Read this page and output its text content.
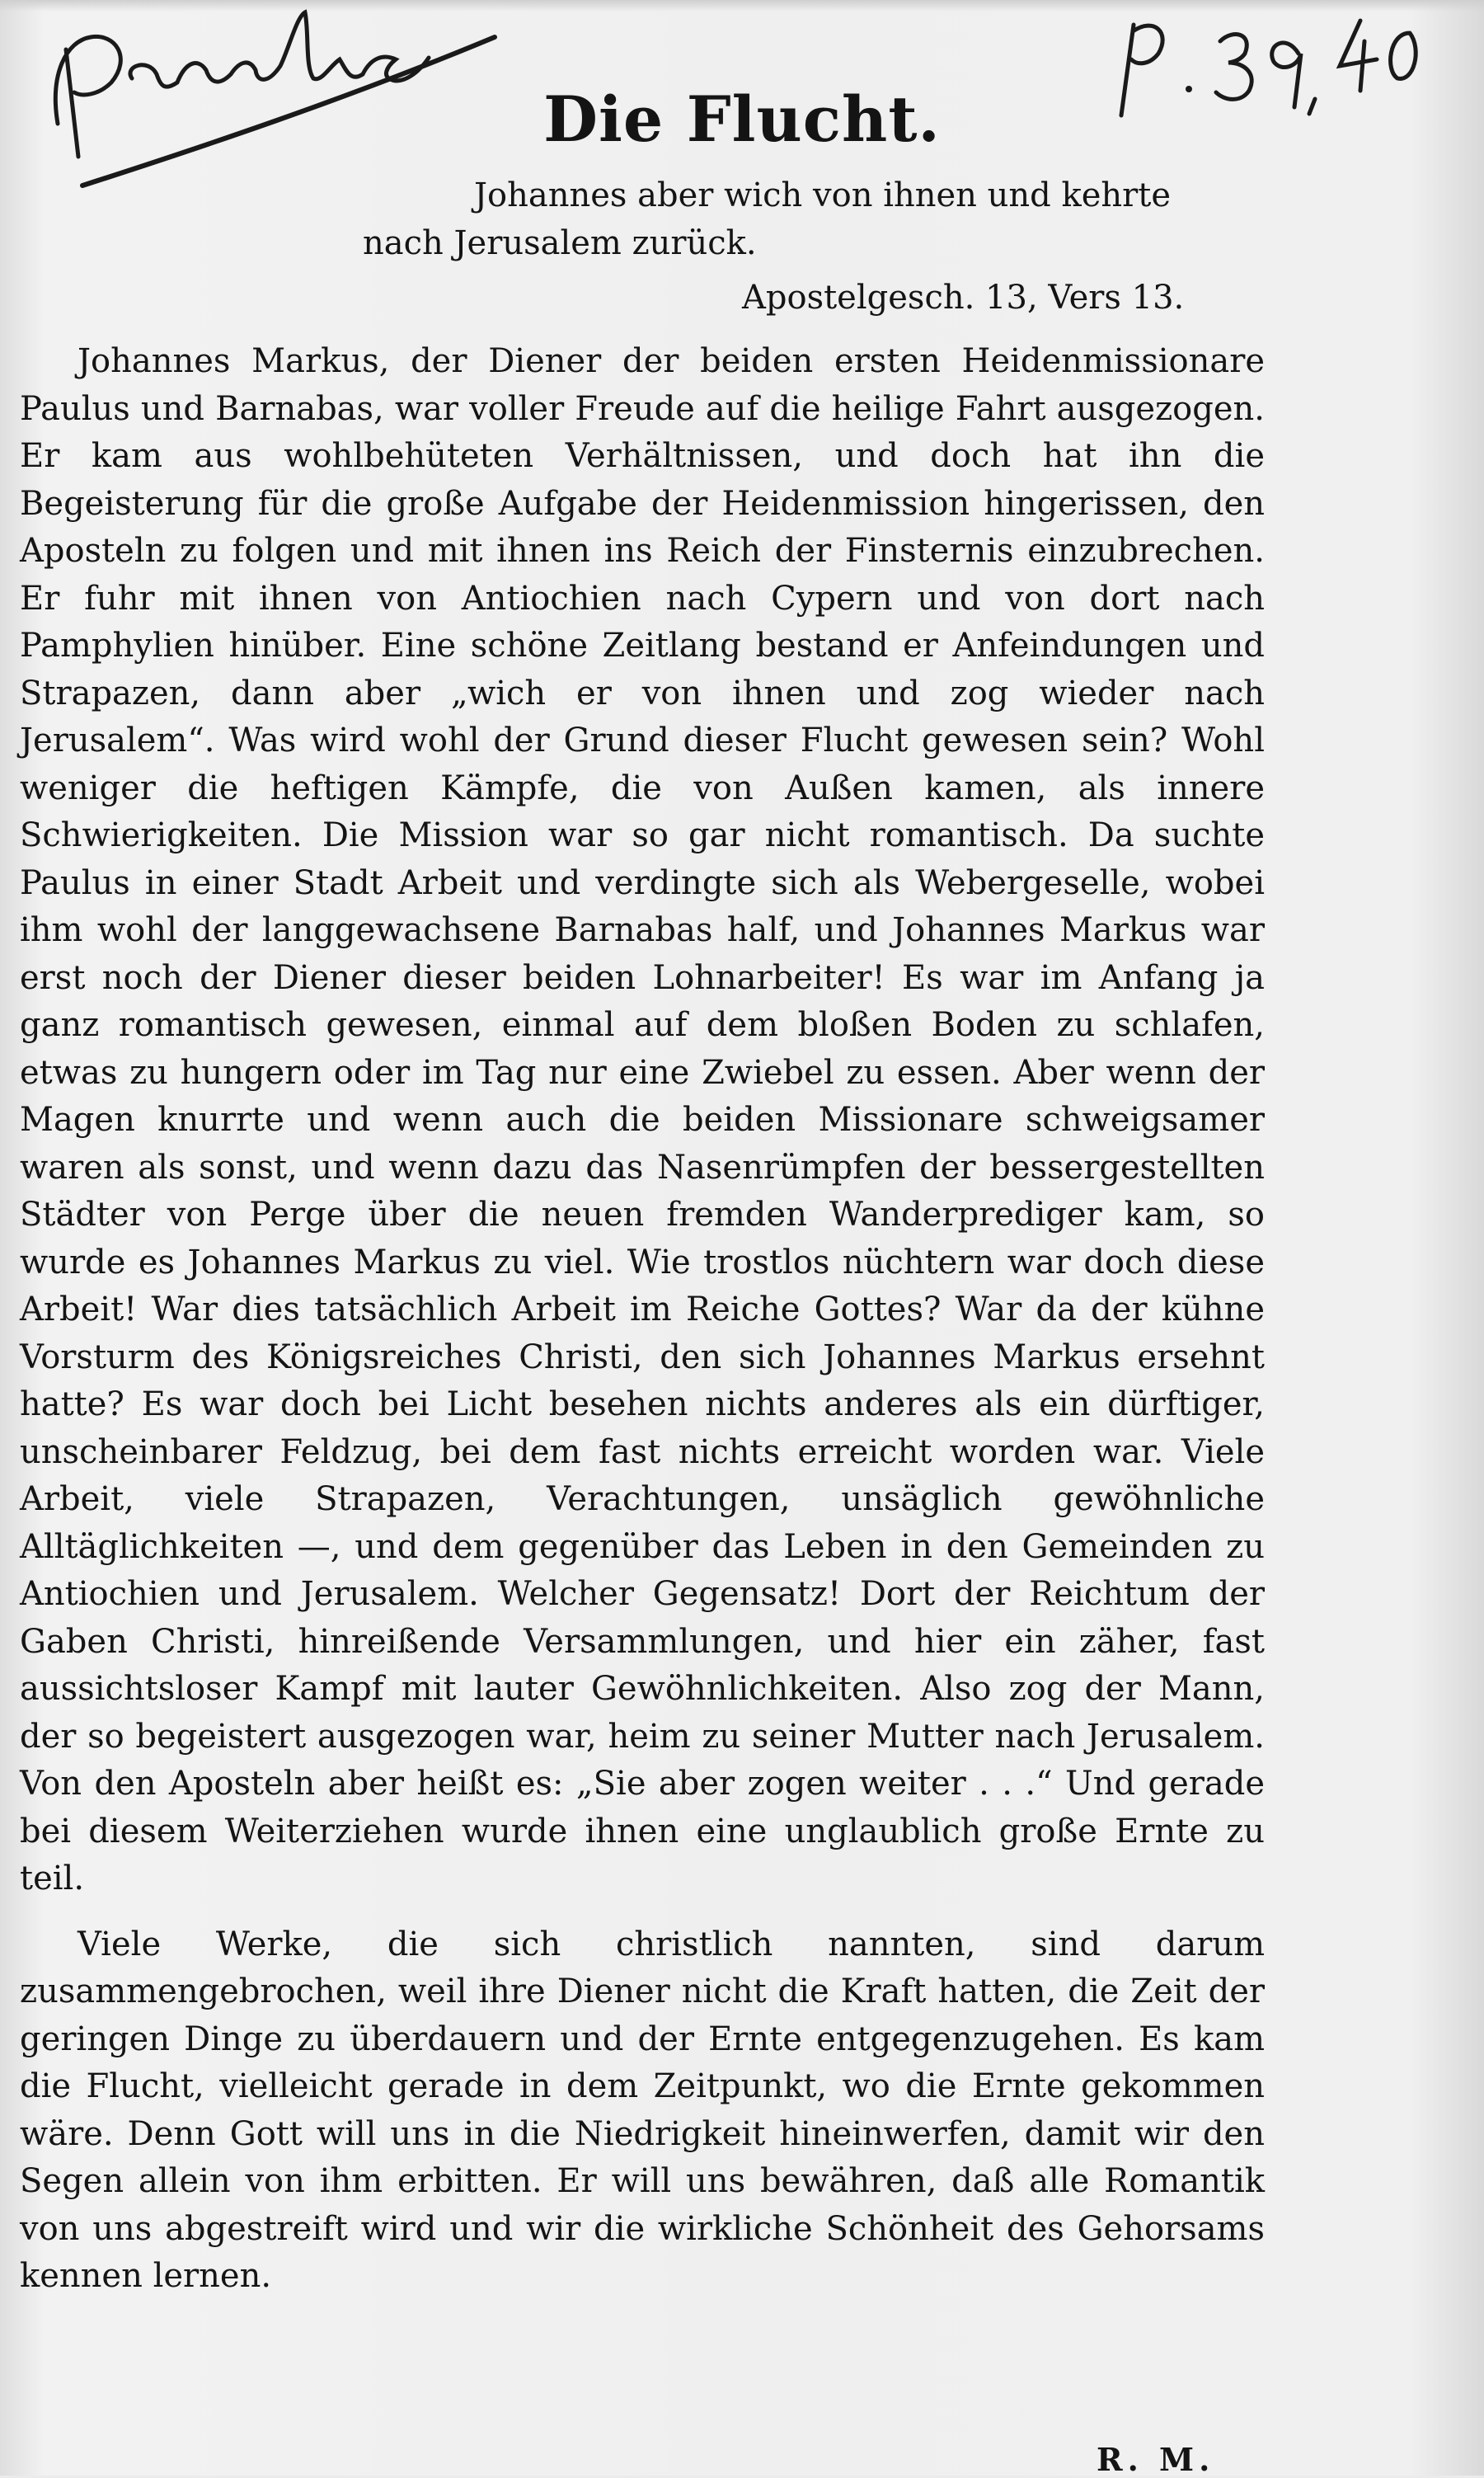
Die Flucht.
Johannes aber wich von ihnen und kehrte
nach Jerusalem zurück.
Apostelgesch. 13, Vers 13.

Johannes Markus, der Diener der beiden ersten Heidenmissionare Paulus und Barnabas, war voller Freude auf die heilige Fahrt ausgezogen. Er kam aus wohlbehüteten Verhältnissen, und doch hat ihn die Begeisterung für die große Aufgabe der Heidenmission hingerissen, den Aposteln zu folgen und mit ihnen ins Reich der Finsternis einzubrechen. Er fuhr mit ihnen von Antiochien nach Cypern und von dort nach Pamphylien hinüber. Eine schöne Zeitlang bestand er Anfeindungen und Strapazen, dann aber „wich er von ihnen und zog wieder nach Jerusalem“. Was wird wohl der Grund dieser Flucht gewesen sein? Wohl weniger die heftigen Kämpfe, die von Außen kamen, als innere Schwierigkeiten. Die Mission war so gar nicht romantisch. Da suchte Paulus in einer Stadt Arbeit und verdingte sich als Webergeselle, wobei ihm wohl der langgewachsene Barnabas half, und Johannes Markus war erst noch der Diener dieser beiden Lohnarbeiter! Es war im Anfang ja ganz romantisch gewesen, einmal auf dem bloßen Boden zu schlafen, etwas zu hungern oder im Tag nur eine Zwiebel zu essen. Aber wenn der Magen knurrte und wenn auch die beiden Missionare schweigsamer waren als sonst, und wenn dazu das Nasenrümpfen der bessergestellten Städter von Perge über die neuen fremden Wanderprediger kam, so wurde es Johannes Markus zu viel. Wie trostlos nüchtern war doch diese Arbeit! War dies tatsächlich Arbeit im Reiche Gottes? War da der kühne Vorsturm des Königsreiches Christi, den sich Johannes Markus ersehnt hatte? Es war doch bei Licht besehen nichts anderes als ein dürftiger, unscheinbarer Feldzug, bei dem fast nichts erreicht worden war. Viele Arbeit, viele Strapazen, Verachtungen, unsäglich gewöhnliche Alltäglichkeiten —, und dem gegenüber das Leben in den Gemeinden zu Antiochien und Jerusalem. Welcher Gegensatz! Dort der Reichtum der Gaben Christi, hinreißende Versammlungen, und hier ein zäher, fast aussichtsloser Kampf mit lauter Gewöhnlichkeiten. Also zog der Mann, der so begeistert ausgezogen war, heim zu seiner Mutter nach Jerusalem. Von den Aposteln aber heißt es: „Sie aber zogen weiter . . .“ Und gerade bei diesem Weiterziehen wurde ihnen eine unglaublich große Ernte zu teil.

Viele Werke, die sich christlich nannten, sind darum zusammengebrochen, weil ihre Diener nicht die Kraft hatten, die Zeit der geringen Dinge zu überdauern und der Ernte entgegenzugehen. Es kam die Flucht, vielleicht gerade in dem Zeitpunkt, wo die Ernte gekommen wäre. Denn Gott will uns in die Niedrigkeit hineinwerfen, damit wir den Segen allein von ihm erbitten. Er will uns bewähren, daß alle Romantik von uns abgestreift wird und wir die wirkliche Schönheit des Gehorsams kennen lernen.

R. M.
